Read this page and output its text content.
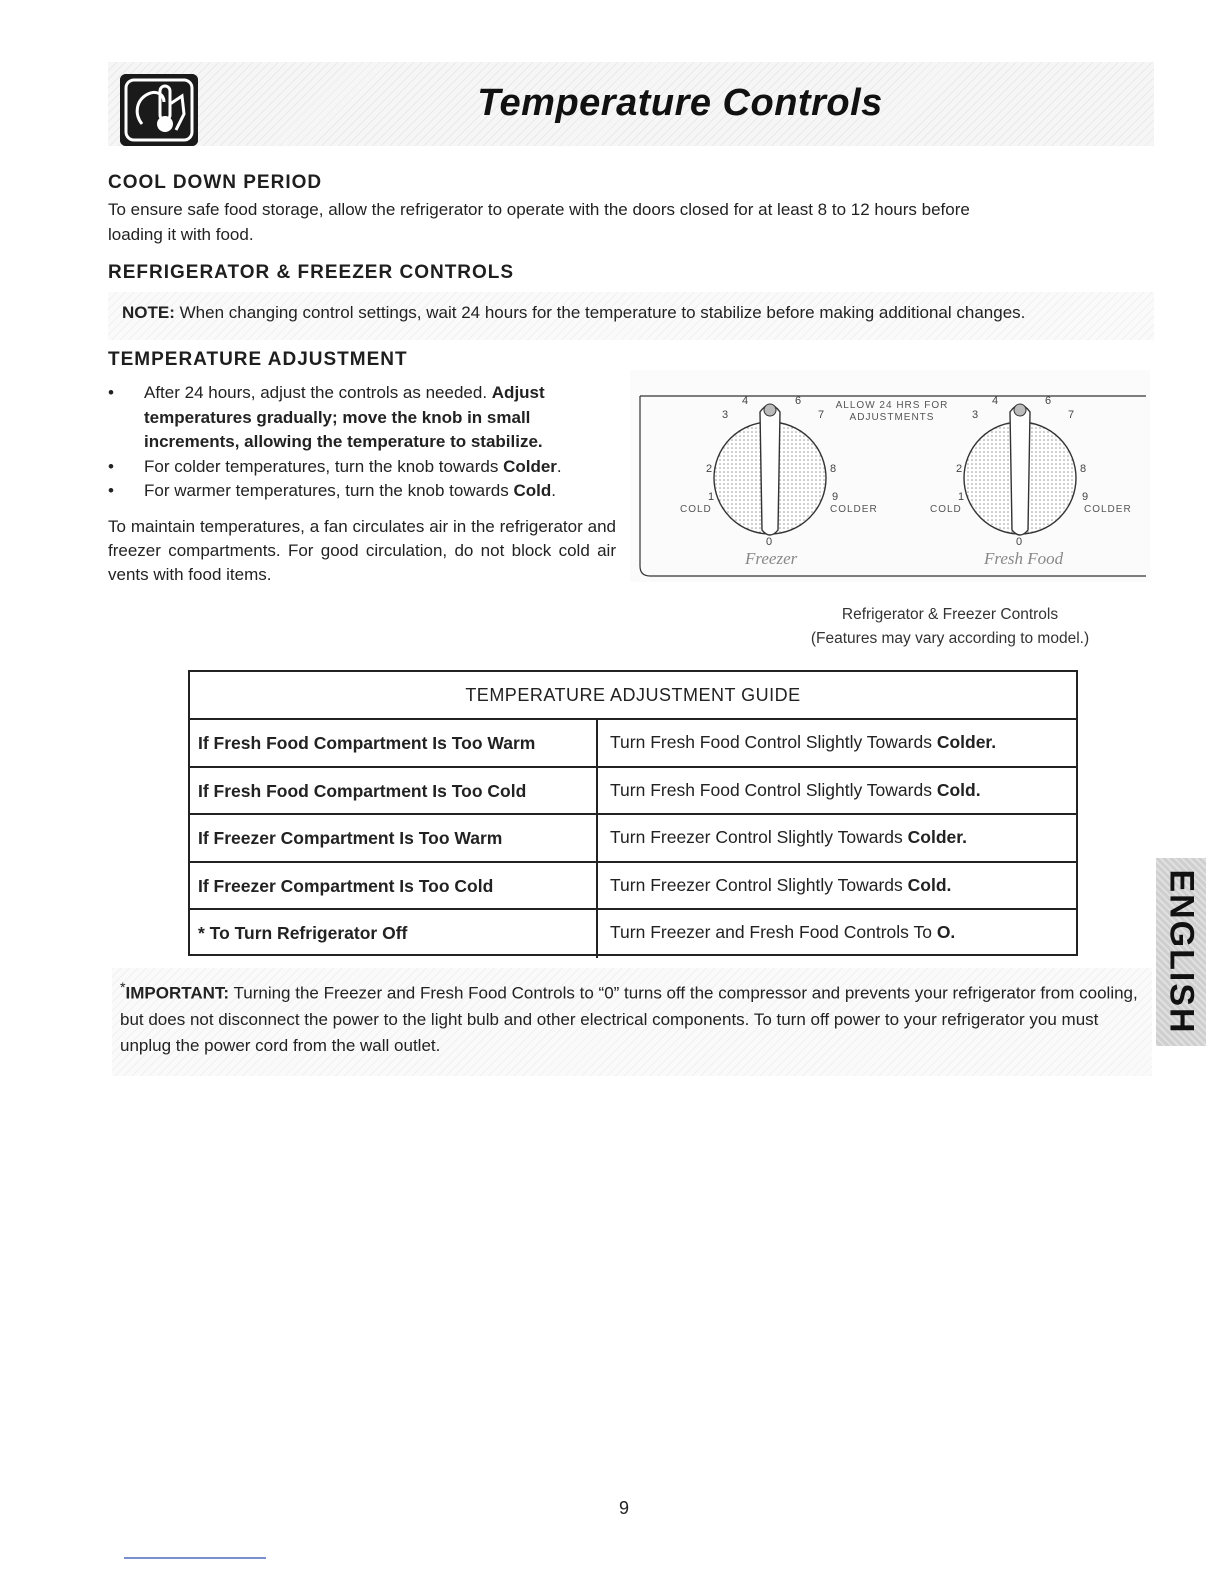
Temperature Controls
COOL DOWN PERIOD
To ensure safe food storage, allow the refrigerator to operate with the doors closed for at least 8 to 12 hours before
loading it with food.
REFRIGERATOR & FREEZER CONTROLS
NOTE: When changing control settings, wait 24 hours for the temperature to stabilize before making additional changes.
TEMPERATURE ADJUSTMENT
• After 24 hours, adjust the controls as needed. Adjust temperatures gradually; move the knob in small increments, allowing the temperature to stabilize.
• For colder temperatures, turn the knob towards Colder.
• For warmer temperatures, turn the knob towards Cold.
To maintain temperatures, a fan circulates air in the refrigerator and freezer compartments. For good circulation, do not block cold air vents with food items.
4	6
3	7
2	8
1	9
0
COLD	COLDER
Freezer
ALLOW 24 HRS FOR
ADJUSTMENTS
4	6
3	7
2	8
1	9
0
COLD	COLDER
Fresh Food
Refrigerator & Freezer Controls
(Features may vary according to model.)
TEMPERATURE ADJUSTMENT GUIDE
If Fresh Food Compartment Is Too Warm	Turn Fresh Food Control Slightly Towards Colder.
If Fresh Food Compartment Is Too Cold	Turn Fresh Food Control Slightly Towards Cold.
If Freezer Compartment Is Too Warm	Turn Freezer Control Slightly Towards Colder.
If Freezer Compartment Is Too Cold	Turn Freezer Control Slightly Towards Cold.
* To Turn Refrigerator Off	Turn Freezer and Fresh Food Controls To O.
*IMPORTANT: Turning the Freezer and Fresh Food Controls to “0” turns off the compressor and prevents your refrigerator from cooling, but does not disconnect the power to the light bulb and other electrical components. To turn off power to your refrigerator you must unplug the power cord from the wall outlet.
ENGLISH
9
